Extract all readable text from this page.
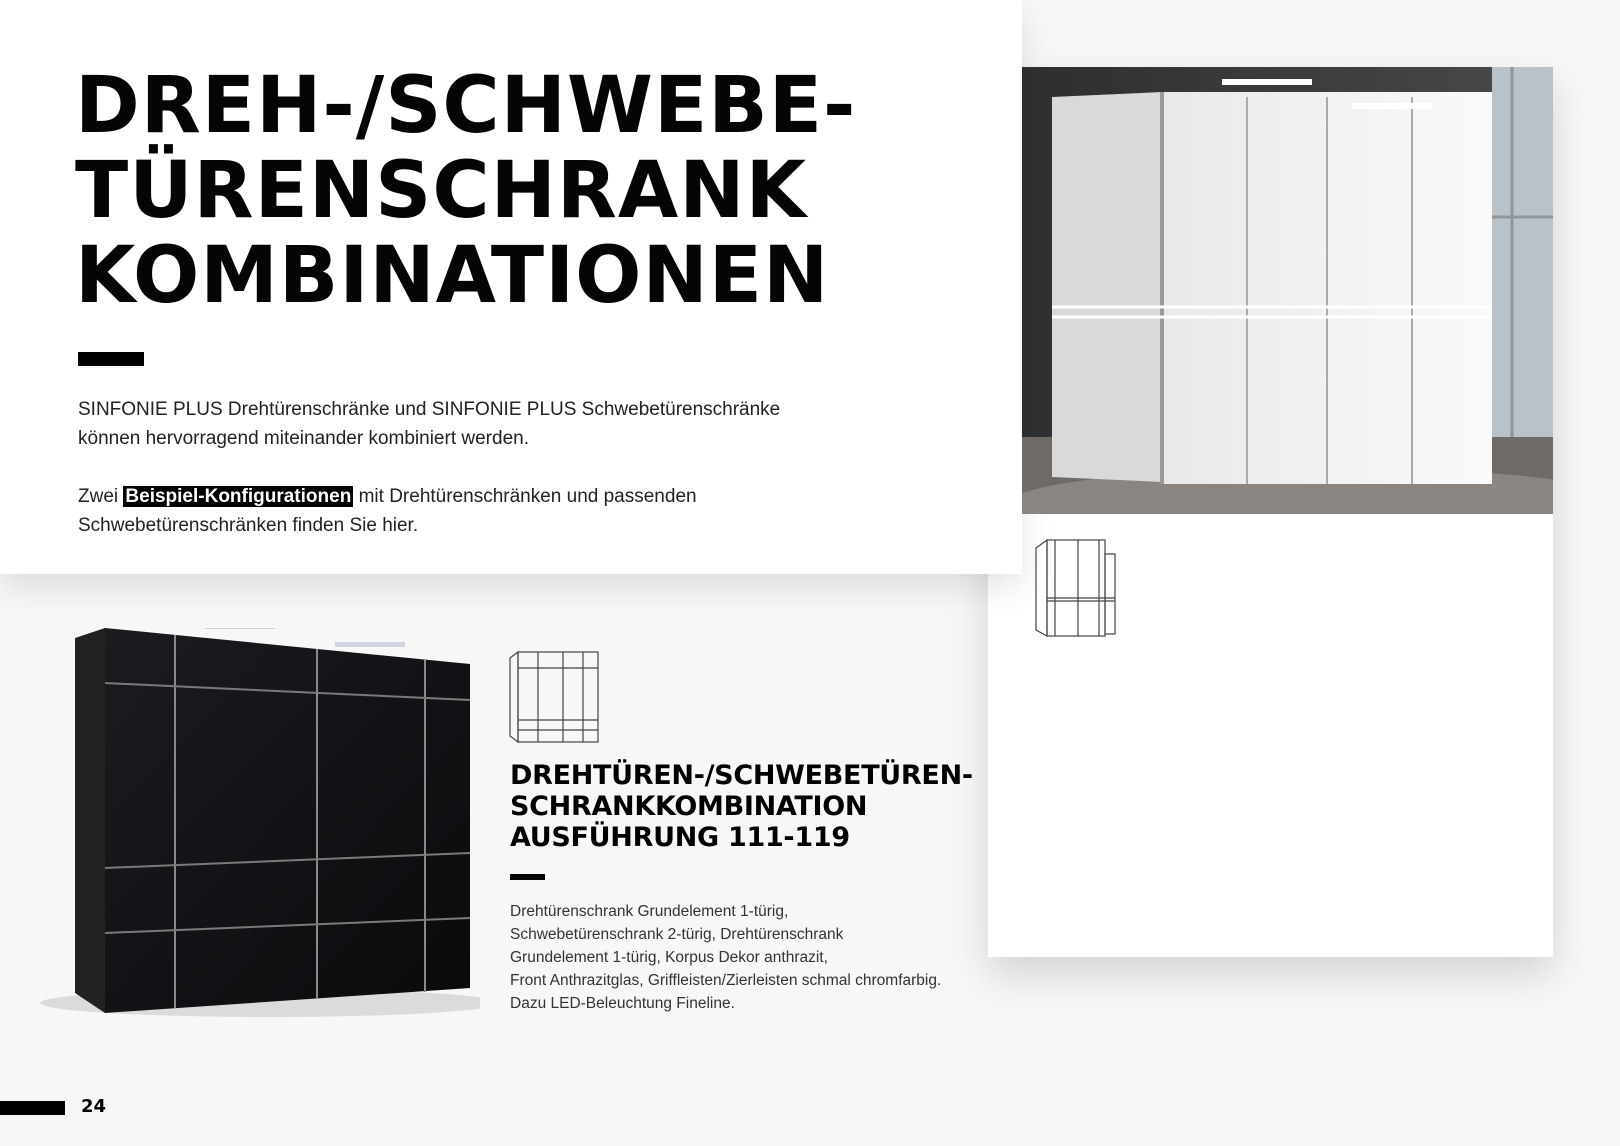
DREH-/SCHWEBE-
TÜRENSCHRANK
KOMBINATIONEN

SINFONIE PLUS Drehtürenschränke und SINFONIE PLUS Schwebetürenschränke
können hervorragend miteinander kombiniert werden.

Zwei Beispiel-Konfigurationen mit Drehtürenschränken und passenden
Schwebetürenschränken finden Sie hier.

DREHTÜREN-/SCHWEBETÜREN-
SCHRANKKOMBINATION
AUSFÜHRUNG 111-119
Drehtürenschrank Grundelement 1-türig,
Schwebetürenschrank 2-türig, Drehtürenschrank
Grundelement 1-türig, Korpus Dekor anthrazit,
Front Anthrazitglas, Griffleisten/Zierleisten schmal chromfarbig.
Dazu LED-Beleuchtung Fineline.
24
